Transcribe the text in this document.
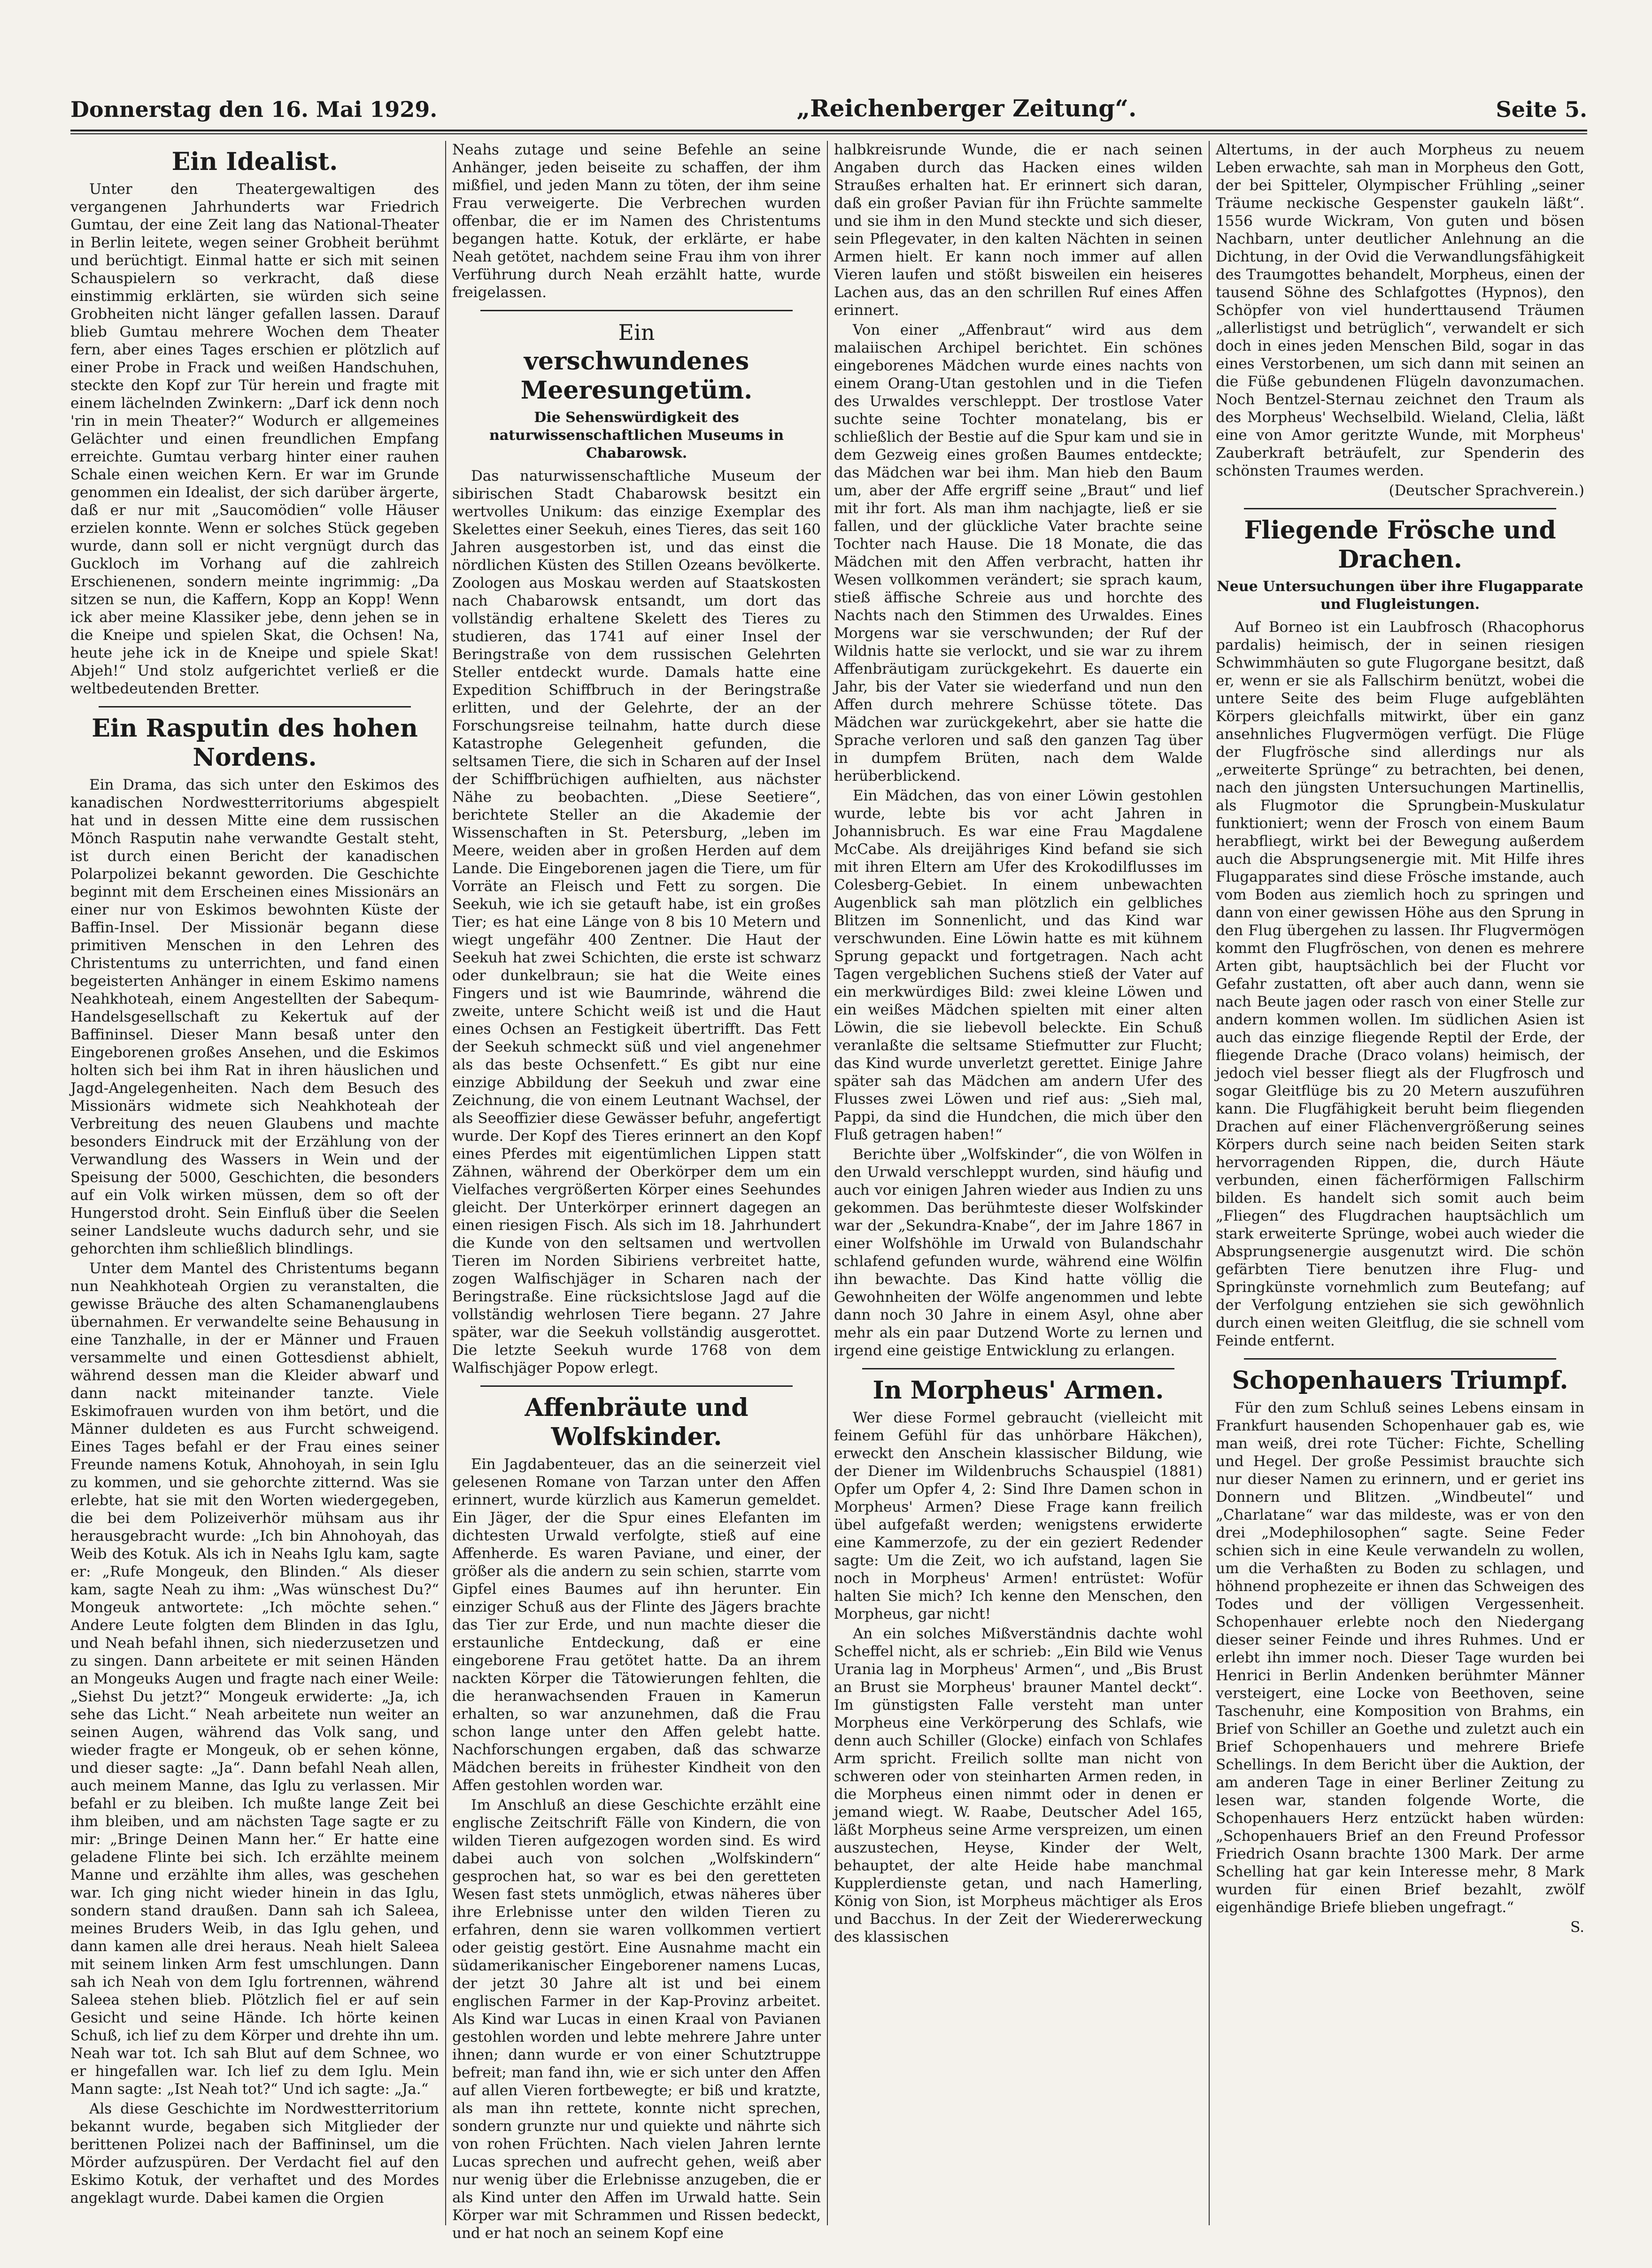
Donnerstag den 16. Mai 1929.	„Reichenberger Zeitung“.	Seite 5.
Ein Idealist.

Unter den Theatergewaltigen des vergangenen Jahrhunderts war Friedrich Gumtau, der eine Zeit lang das National-Theater in Berlin leitete, wegen seiner Grobheit berühmt und berüchtigt. Einmal hatte er sich mit seinen Schauspielern so verkracht, daß diese einstimmig erklärten, sie würden sich seine Grobheiten nicht länger gefallen lassen. Darauf blieb Gumtau mehrere Wochen dem Theater fern, aber eines Tages erschien er plötzlich auf einer Probe in Frack und weißen Handschuhen, steckte den Kopf zur Tür herein und fragte mit einem lächelnden Zwinkern: „Darf ick denn noch 'rin in mein Theater?“ Wodurch er allgemeines Gelächter und einen freundlichen Empfang erreichte. Gumtau verbarg hinter einer rauhen Schale einen weichen Kern. Er war im Grunde genommen ein Idealist, der sich darüber ärgerte, daß er nur mit „Saucomödien“ volle Häuser erzielen konnte. Wenn er solches Stück gegeben wurde, dann soll er nicht vergnügt durch das Guckloch im Vorhang auf die zahlreich Erschienenen, sondern meinte ingrimmig: „Da sitzen se nun, die Kaffern, Kopp an Kopp! Wenn ick aber meine Klassiker jebe, denn jehen se in die Kneipe und spielen Skat, die Ochsen! Na, heute jehe ick in de Kneipe und spiele Skat! Abjeh!“ Und stolz aufgerichtet verließ er die weltbedeutenden Bretter.

Ein Rasputin des hohen Nordens.

Ein Drama, das sich unter den Eskimos des kanadischen Nordwestterritoriums abgespielt hat und in dessen Mitte eine dem russischen Mönch Rasputin nahe verwandte Gestalt steht, ist durch einen Bericht der kanadischen Polarpolizei bekannt geworden. Die Geschichte beginnt mit dem Erscheinen eines Missionärs an einer nur von Eskimos bewohnten Küste der Baffin-Insel. Der Missionär begann diese primitiven Menschen in den Lehren des Christentums zu unterrichten, und fand einen begeisterten Anhänger in einem Eskimo namens Neahkhoteah, einem Angestellten der Sabequm-Handelsgesellschaft zu Kekertuk auf der Baffininsel. Dieser Mann besaß unter den Eingeborenen großes Ansehen, und die Eskimos holten sich bei ihm Rat in ihren häuslichen und Jagd-Angelegenheiten. Nach dem Besuch des Missionärs widmete sich Neahkhoteah der Verbreitung des neuen Glaubens und machte besonders Eindruck mit der Erzählung von der Verwandlung des Wassers in Wein und der Speisung der 5000, Geschichten, die besonders auf ein Volk wirken müssen, dem so oft der Hungerstod droht. Sein Einfluß über die Seelen seiner Landsleute wuchs dadurch sehr, und sie gehorchten ihm schließlich blindlings.

Unter dem Mantel des Christentums begann nun Neahkhoteah Orgien zu veranstalten, die gewisse Bräuche des alten Schamanenglaubens übernahmen. Er verwandelte seine Behausung in eine Tanzhalle, in der er Männer und Frauen versammelte und einen Gottesdienst abhielt, während dessen man die Kleider abwarf und dann nackt miteinander tanzte. Viele Eskimofrauen wurden von ihm betört, und die Männer duldeten es aus Furcht schweigend. Eines Tages befahl er der Frau eines seiner Freunde namens Kotuk, Ahnohoyah, in sein Iglu zu kommen, und sie gehorchte zitternd. Was sie erlebte, hat sie mit den Worten wiedergegeben, die bei dem Polizeiverhör mühsam aus ihr herausgebracht wurde: „Ich bin Ahnohoyah, das Weib des Kotuk. Als ich in Neahs Iglu kam, sagte er: „Rufe Mongeuk, den Blinden.“ Als dieser kam, sagte Neah zu ihm: „Was wünschest Du?“ Mongeuk antwortete: „Ich möchte sehen.“ Andere Leute folgten dem Blinden in das Iglu, und Neah befahl ihnen, sich niederzusetzen und zu singen. Dann arbeitete er mit seinen Händen an Mongeuks Augen und fragte nach einer Weile: „Siehst Du jetzt?“ Mongeuk erwiderte: „Ja, ich sehe das Licht.“ Neah arbeitete nun weiter an seinen Augen, während das Volk sang, und wieder fragte er Mongeuk, ob er sehen könne, und dieser sagte: „Ja“. Dann befahl Neah allen, auch meinem Manne, das Iglu zu verlassen. Mir befahl er zu bleiben. Ich mußte lange Zeit bei ihm bleiben, und am nächsten Tage sagte er zu mir: „Bringe Deinen Mann her.“ Er hatte eine geladene Flinte bei sich. Ich erzählte meinem Manne und erzählte ihm alles, was geschehen war. Ich ging nicht wieder hinein in das Iglu, sondern stand draußen. Dann sah ich Saleea, meines Bruders Weib, in das Iglu gehen, und dann kamen alle drei heraus. Neah hielt Saleea mit seinem linken Arm fest umschlungen. Dann sah ich Neah von dem Iglu fortrennen, während Saleea stehen blieb. Plötzlich fiel er auf sein Gesicht und seine Hände. Ich hörte keinen Schuß, ich lief zu dem Körper und drehte ihn um. Neah war tot. Ich sah Blut auf dem Schnee, wo er hingefallen war. Ich lief zu dem Iglu. Mein Mann sagte: „Ist Neah tot?“ Und ich sagte: „Ja.“

Als diese Geschichte im Nordwestterritorium bekannt wurde, begaben sich Mitglieder der berittenen Polizei nach der Baffininsel, um die Mörder aufzuspüren. Der Verdacht fiel auf den Eskimo Kotuk, der verhaftet und des Mordes angeklagt wurde. Dabei kamen die Orgien

Neahs zutage und seine Befehle an seine Anhänger, jeden beiseite zu schaffen, der ihm mißfiel, und jeden Mann zu töten, der ihm seine Frau verweigerte. Die Verbrechen wurden offenbar, die er im Namen des Christentums begangen hatte. Kotuk, der erklärte, er habe Neah getötet, nachdem seine Frau ihm von ihrer Verführung durch Neah erzählt hatte, wurde freigelassen.

Ein
verschwundenes Meeresungetüm.
Die Sehenswürdigkeit des naturwissenschaftlichen Museums in Chabarowsk.

Das naturwissenschaftliche Museum der sibirischen Stadt Chabarowsk besitzt ein wertvolles Unikum: das einzige Exemplar des Skelettes einer Seekuh, eines Tieres, das seit 160 Jahren ausgestorben ist, und das einst die nördlichen Küsten des Stillen Ozeans bevölkerte. Zoologen aus Moskau werden auf Staatskosten nach Chabarowsk entsandt, um dort das vollständig erhaltene Skelett des Tieres zu studieren, das 1741 auf einer Insel der Beringstraße von dem russischen Gelehrten Steller entdeckt wurde. Damals hatte eine Expedition Schiffbruch in der Beringstraße erlitten, und der Gelehrte, der an der Forschungsreise teilnahm, hatte durch diese Katastrophe Gelegenheit gefunden, die seltsamen Tiere, die sich in Scharen auf der Insel der Schiffbrüchigen aufhielten, aus nächster Nähe zu beobachten. „Diese Seetiere“, berichtete Steller an die Akademie der Wissenschaften in St. Petersburg, „leben im Meere, weiden aber in großen Herden auf dem Lande. Die Eingeborenen jagen die Tiere, um für Vorräte an Fleisch und Fett zu sorgen. Die Seekuh, wie ich sie getauft habe, ist ein großes Tier; es hat eine Länge von 8 bis 10 Metern und wiegt ungefähr 400 Zentner. Die Haut der Seekuh hat zwei Schichten, die erste ist schwarz oder dunkelbraun; sie hat die Weite eines Fingers und ist wie Baumrinde, während die zweite, untere Schicht weiß ist und die Haut eines Ochsen an Festigkeit übertrifft. Das Fett der Seekuh schmeckt süß und viel angenehmer als das beste Ochsenfett.“ Es gibt nur eine einzige Abbildung der Seekuh und zwar eine Zeichnung, die von einem Leutnant Wachsel, der als Seeoffizier diese Gewässer befuhr, angefertigt wurde. Der Kopf des Tieres erinnert an den Kopf eines Pferdes mit eigentümlichen Lippen statt Zähnen, während der Oberkörper dem um ein Vielfaches vergrößerten Körper eines Seehundes gleicht. Der Unterkörper erinnert dagegen an einen riesigen Fisch. Als sich im 18. Jahrhundert die Kunde von den seltsamen und wertvollen Tieren im Norden Sibiriens verbreitet hatte, zogen Walfischjäger in Scharen nach der Beringstraße. Eine rücksichtslose Jagd auf die vollständig wehrlosen Tiere begann. 27 Jahre später, war die Seekuh vollständig ausgerottet. Die letzte Seekuh wurde 1768 von dem Walfischjäger Popow erlegt.

Affenbräute und Wolfskinder.

Ein Jagdabenteuer, das an die seinerzeit viel gelesenen Romane von Tarzan unter den Affen erinnert, wurde kürzlich aus Kamerun gemeldet. Ein Jäger, der die Spur eines Elefanten im dichtesten Urwald verfolgte, stieß auf eine Affenherde. Es waren Paviane, und einer, der größer als die andern zu sein schien, starrte vom Gipfel eines Baumes auf ihn herunter. Ein einziger Schuß aus der Flinte des Jägers brachte das Tier zur Erde, und nun machte dieser die erstaunliche Entdeckung, daß er eine eingeborene Frau getötet hatte. Da an ihrem nackten Körper die Tätowierungen fehlten, die die heranwachsenden Frauen in Kamerun erhalten, so war anzunehmen, daß die Frau schon lange unter den Affen gelebt hatte. Nachforschungen ergaben, daß das schwarze Mädchen bereits in frühester Kindheit von den Affen gestohlen worden war.

Im Anschluß an diese Geschichte erzählt eine englische Zeitschrift Fälle von Kindern, die von wilden Tieren aufgezogen worden sind. Es wird dabei auch von solchen „Wolfskindern“ gesprochen hat, so war es bei den geretteten Wesen fast stets unmöglich, etwas näheres über ihre Erlebnisse unter den wilden Tieren zu erfahren, denn sie waren vollkommen vertiert oder geistig gestört. Eine Ausnahme macht ein südamerikanischer Eingeborener namens Lucas, der jetzt 30 Jahre alt ist und bei einem englischen Farmer in der Kap-Provinz arbeitet. Als Kind war Lucas in einen Kraal von Pavianen gestohlen worden und lebte mehrere Jahre unter ihnen; dann wurde er von einer Schutztruppe befreit; man fand ihn, wie er sich unter den Affen auf allen Vieren fortbewegte; er biß und kratzte, als man ihn rettete, konnte nicht sprechen, sondern grunzte nur und quiekte und nährte sich von rohen Früchten. Nach vielen Jahren lernte Lucas sprechen und aufrecht gehen, weiß aber nur wenig über die Erlebnisse anzugeben, die er als Kind unter den Affen im Urwald hatte. Sein Körper war mit Schrammen und Rissen bedeckt, und er hat noch an seinem Kopf eine

halbkreisrunde Wunde, die er nach seinen Angaben durch das Hacken eines wilden Straußes erhalten hat. Er erinnert sich daran, daß ein großer Pavian für ihn Früchte sammelte und sie ihm in den Mund steckte und sich dieser, sein Pflegevater, in den kalten Nächten in seinen Armen hielt. Er kann noch immer auf allen Vieren laufen und stößt bisweilen ein heiseres Lachen aus, das an den schrillen Ruf eines Affen erinnert.

Von einer „Affenbraut“ wird aus dem malaiischen Archipel berichtet. Ein schönes eingeborenes Mädchen wurde eines nachts von einem Orang-Utan gestohlen und in die Tiefen des Urwaldes verschleppt. Der trostlose Vater suchte seine Tochter monatelang, bis er schließlich der Bestie auf die Spur kam und sie in dem Gezweig eines großen Baumes entdeckte; das Mädchen war bei ihm. Man hieb den Baum um, aber der Affe ergriff seine „Braut“ und lief mit ihr fort. Als man ihm nachjagte, ließ er sie fallen, und der glückliche Vater brachte seine Tochter nach Hause. Die 18 Monate, die das Mädchen mit den Affen verbracht, hatten ihr Wesen vollkommen verändert; sie sprach kaum, stieß äffische Schreie aus und horchte des Nachts nach den Stimmen des Urwaldes. Eines Morgens war sie verschwunden; der Ruf der Wildnis hatte sie verlockt, und sie war zu ihrem Affenbräutigam zurückgekehrt. Es dauerte ein Jahr, bis der Vater sie wiederfand und nun den Affen durch mehrere Schüsse tötete. Das Mädchen war zurückgekehrt, aber sie hatte die Sprache verloren und saß den ganzen Tag über in dumpfem Brüten, nach dem Walde herüberblickend.

Ein Mädchen, das von einer Löwin gestohlen wurde, lebte bis vor acht Jahren in Johannisbruch. Es war eine Frau Magdalene McCabe. Als dreijähriges Kind befand sie sich mit ihren Eltern am Ufer des Krokodilflusses im Colesberg-Gebiet. In einem unbewachten Augenblick sah man plötzlich ein gelbliches Blitzen im Sonnenlicht, und das Kind war verschwunden. Eine Löwin hatte es mit kühnem Sprung gepackt und fortgetragen. Nach acht Tagen vergeblichen Suchens stieß der Vater auf ein merkwürdiges Bild: zwei kleine Löwen und ein weißes Mädchen spielten mit einer alten Löwin, die sie liebevoll beleckte. Ein Schuß veranlaßte die seltsame Stiefmutter zur Flucht; das Kind wurde unverletzt gerettet. Einige Jahre später sah das Mädchen am andern Ufer des Flusses zwei Löwen und rief aus: „Sieh mal, Pappi, da sind die Hundchen, die mich über den Fluß getragen haben!“

Berichte über „Wolfskinder“, die von Wölfen in den Urwald verschleppt wurden, sind häufig und auch vor einigen Jahren wieder aus Indien zu uns gekommen. Das berühmteste dieser Wolfskinder war der „Sekundra-Knabe“, der im Jahre 1867 in einer Wolfshöhle im Urwald von Bulandschahr schlafend gefunden wurde, während eine Wölfin ihn bewachte. Das Kind hatte völlig die Gewohnheiten der Wölfe angenommen und lebte dann noch 30 Jahre in einem Asyl, ohne aber mehr als ein paar Dutzend Worte zu lernen und irgend eine geistige Entwicklung zu erlangen.

In Morpheus' Armen.

Wer diese Formel gebraucht (vielleicht mit feinem Gefühl für das unhörbare Häkchen), erweckt den Anschein klassischer Bildung, wie der Diener im Wildenbruchs Schauspiel (1881) Opfer um Opfer 4, 2: Sind Ihre Damen schon in Morpheus' Armen? Diese Frage kann freilich übel aufgefaßt werden; wenigstens erwiderte eine Kammerzofe, zu der ein geziert Redender sagte: Um die Zeit, wo ich aufstand, lagen Sie noch in Morpheus' Armen! entrüstet: Wofür halten Sie mich? Ich kenne den Menschen, den Morpheus, gar nicht!

An ein solches Mißverständnis dachte wohl Scheffel nicht, als er schrieb: „Ein Bild wie Venus Urania lag in Morpheus' Armen“, und „Bis Brust an Brust sie Morpheus' brauner Mantel deckt“. Im günstigsten Falle versteht man unter Morpheus eine Verkörperung des Schlafs, wie denn auch Schiller (Glocke) einfach von Schlafes Arm spricht. Freilich sollte man nicht von schweren oder von steinharten Armen reden, in die Morpheus einen nimmt oder in denen er jemand wiegt. W. Raabe, Deutscher Adel 165, läßt Morpheus seine Arme verspreizen, um einen auszustechen, Heyse, Kinder der Welt, behauptet, der alte Heide habe manchmal Kupplerdienste getan, und nach Hamerling, König von Sion, ist Morpheus mächtiger als Eros und Bacchus. In der Zeit der Wiedererweckung des klassischen

Altertums, in der auch Morpheus zu neuem Leben erwachte, sah man in Morpheus den Gott, der bei Spitteler, Olympischer Frühling „seiner Träume neckische Gespenster gaukeln läßt“. 1556 wurde Wickram, Von guten und bösen Nachbarn, unter deutlicher Anlehnung an die Dichtung, in der Ovid die Verwandlungsfähigkeit des Traumgottes behandelt, Morpheus, einen der tausend Söhne des Schlafgottes (Hypnos), den Schöpfer von viel hunderttausend Träumen „allerlistigst und betrüglich“, verwandelt er sich doch in eines jeden Menschen Bild, sogar in das eines Verstorbenen, um sich dann mit seinen an die Füße gebundenen Flügeln davonzumachen. Noch Bentzel-Sternau zeichnet den Traum als des Morpheus' Wechselbild. Wieland, Clelia, läßt eine von Amor geritzte Wunde, mit Morpheus' Zauberkraft beträufelt, zur Spenderin des schönsten Traumes werden.

(Deutscher Sprachverein.)

Fliegende Frösche und Drachen.
Neue Untersuchungen über ihre Flugapparate und Flugleistungen.

Auf Borneo ist ein Laubfrosch (Rhacophorus pardalis) heimisch, der in seinen riesigen Schwimmhäuten so gute Flugorgane besitzt, daß er, wenn er sie als Fallschirm benützt, wobei die untere Seite des beim Fluge aufgeblähten Körpers gleichfalls mitwirkt, über ein ganz ansehnliches Flugvermögen verfügt. Die Flüge der Flugfrösche sind allerdings nur als „erweiterte Sprünge“ zu betrachten, bei denen, nach den jüngsten Untersuchungen Martinellis, als Flugmotor die Sprungbein-Muskulatur funktioniert; wenn der Frosch von einem Baum herabfliegt, wirkt bei der Bewegung außerdem auch die Absprungsenergie mit. Mit Hilfe ihres Flugapparates sind diese Frösche imstande, auch vom Boden aus ziemlich hoch zu springen und dann von einer gewissen Höhe aus den Sprung in den Flug übergehen zu lassen. Ihr Flugvermögen kommt den Flugfröschen, von denen es mehrere Arten gibt, hauptsächlich bei der Flucht vor Gefahr zustatten, oft aber auch dann, wenn sie nach Beute jagen oder rasch von einer Stelle zur andern kommen wollen. Im südlichen Asien ist auch das einzige fliegende Reptil der Erde, der fliegende Drache (Draco volans) heimisch, der jedoch viel besser fliegt als der Flugfrosch und sogar Gleitflüge bis zu 20 Metern auszuführen kann. Die Flugfähigkeit beruht beim fliegenden Drachen auf einer Flächenvergrößerung seines Körpers durch seine nach beiden Seiten stark hervorragenden Rippen, die, durch Häute verbunden, einen fächerförmigen Fallschirm bilden. Es handelt sich somit auch beim „Fliegen“ des Flugdrachen hauptsächlich um stark erweiterte Sprünge, wobei auch wieder die Absprungsenergie ausgenutzt wird. Die schön gefärbten Tiere benutzen ihre Flug- und Springkünste vornehmlich zum Beutefang; auf der Verfolgung entziehen sie sich gewöhnlich durch einen weiten Gleitflug, die sie schnell vom Feinde entfernt.

Schopenhauers Triumpf.

Für den zum Schluß seines Lebens einsam in Frankfurt hausenden Schopenhauer gab es, wie man weiß, drei rote Tücher: Fichte, Schelling und Hegel. Der große Pessimist brauchte sich nur dieser Namen zu erinnern, und er geriet ins Donnern und Blitzen. „Windbeutel“ und „Charlatane“ war das mildeste, was er von den drei „Modephilosophen“ sagte. Seine Feder schien sich in eine Keule verwandeln zu wollen, um die Verhaßten zu Boden zu schlagen, und höhnend prophezeite er ihnen das Schweigen des Todes und der völligen Vergessenheit. Schopenhauer erlebte noch den Niedergang dieser seiner Feinde und ihres Ruhmes. Und er erlebt ihn immer noch. Dieser Tage wurden bei Henrici in Berlin Andenken berühmter Männer versteigert, eine Locke von Beethoven, seine Taschenuhr, eine Komposition von Brahms, ein Brief von Schiller an Goethe und zuletzt auch ein Brief Schopenhauers und mehrere Briefe Schellings. In dem Bericht über die Auktion, der am anderen Tage in einer Berliner Zeitung zu lesen war, standen folgende Worte, die Schopenhauers Herz entzückt haben würden: „Schopenhauers Brief an den Freund Professor Friedrich Osann brachte 1300 Mark. Der arme Schelling hat gar kein Interesse mehr, 8 Mark wurden für einen Brief bezahlt, zwölf eigenhändige Briefe blieben ungefragt.“

S.
